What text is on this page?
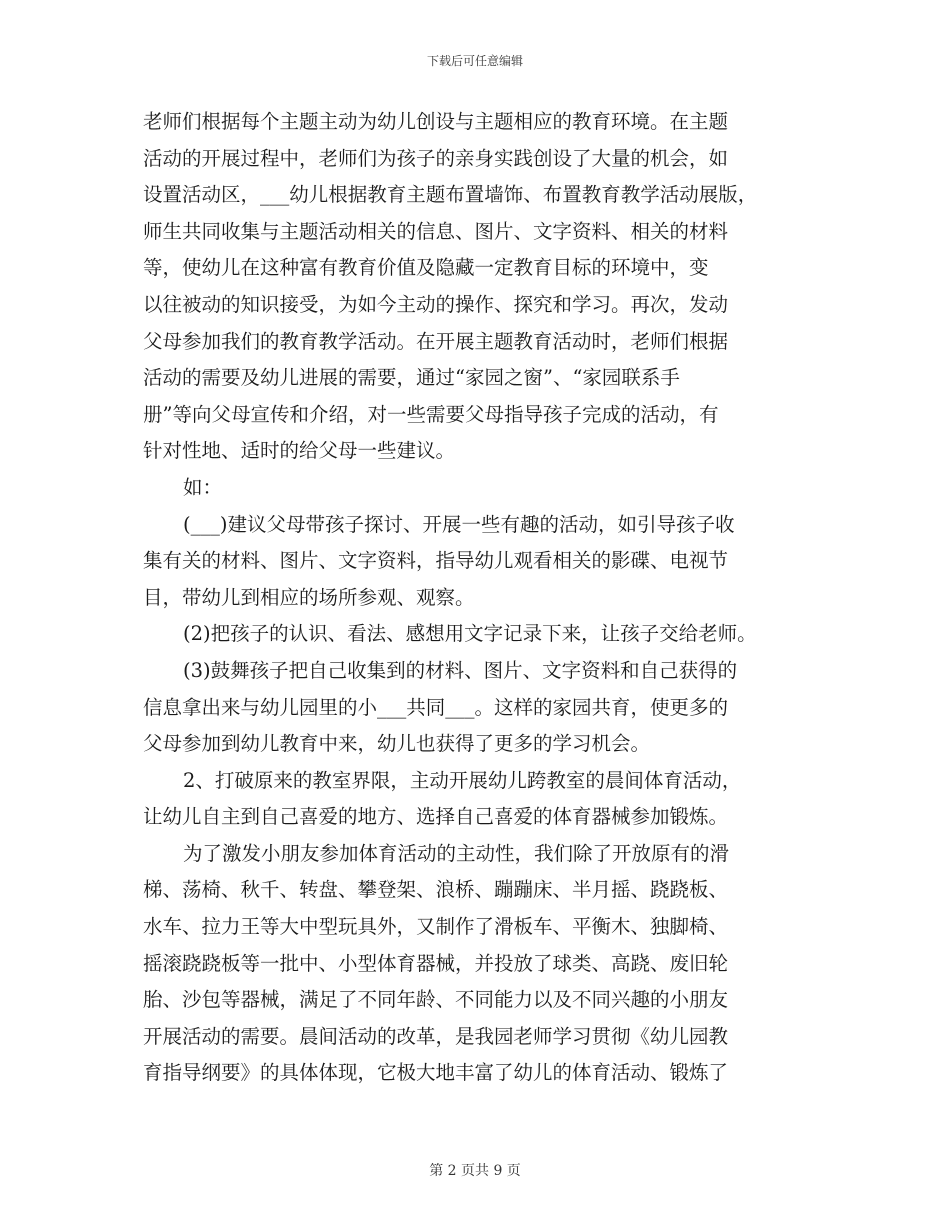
下载后可任意编辑
老师们根据每个主题主动为幼儿创设与主题相应的教育环境。在主题
活动的开展过程中，老师们为孩子的亲身实践创设了大量的机会，如
设置活动区，___幼儿根据教育主题布置墙饰、布置教育教学活动展版，
师生共同收集与主题活动相关的信息、图片、文字资料、相关的材料
等，使幼儿在这种富有教育价值及隐藏一定教育目标的环境中，变
以往被动的知识接受，为如今主动的操作、探究和学习。再次，发动
父母参加我们的教育教学活动。在开展主题教育活动时，老师们根据
活动的需要及幼儿进展的需要，通过“家园之窗”、“家园联系手
册”等向父母宣传和介绍，对一些需要父母指导孩子完成的活动，有
针对性地、适时的给父母一些建议。
如：
(___)建议父母带孩子探讨、开展一些有趣的活动，如引导孩子收
集有关的材料、图片、文字资料，指导幼儿观看相关的影碟、电视节
目，带幼儿到相应的场所参观、观察。
(2)把孩子的认识、看法、感想用文字记录下来，让孩子交给老师。
(3)鼓舞孩子把自己收集到的材料、图片、文字资料和自己获得的
信息拿出来与幼儿园里的小___共同___。这样的家园共育，使更多的
父母参加到幼儿教育中来，幼儿也获得了更多的学习机会。
2、打破原来的教室界限，主动开展幼儿跨教室的晨间体育活动，
让幼儿自主到自己喜爱的地方、选择自己喜爱的体育器械参加锻炼。
为了激发小朋友参加体育活动的主动性，我们除了开放原有的滑
梯、荡椅、秋千、转盘、攀登架、浪桥、蹦蹦床、半月摇、跷跷板、
水车、拉力王等大中型玩具外，又制作了滑板车、平衡木、独脚椅、
摇滚跷跷板等一批中、小型体育器械，并投放了球类、高跷、废旧轮
胎、沙包等器械，满足了不同年龄、不同能力以及不同兴趣的小朋友
开展活动的需要。晨间活动的改革，是我园老师学习贯彻《幼儿园教
育指导纲要》的具体体现，它极大地丰富了幼儿的体育活动、锻炼了
第 2 页共 9 页
